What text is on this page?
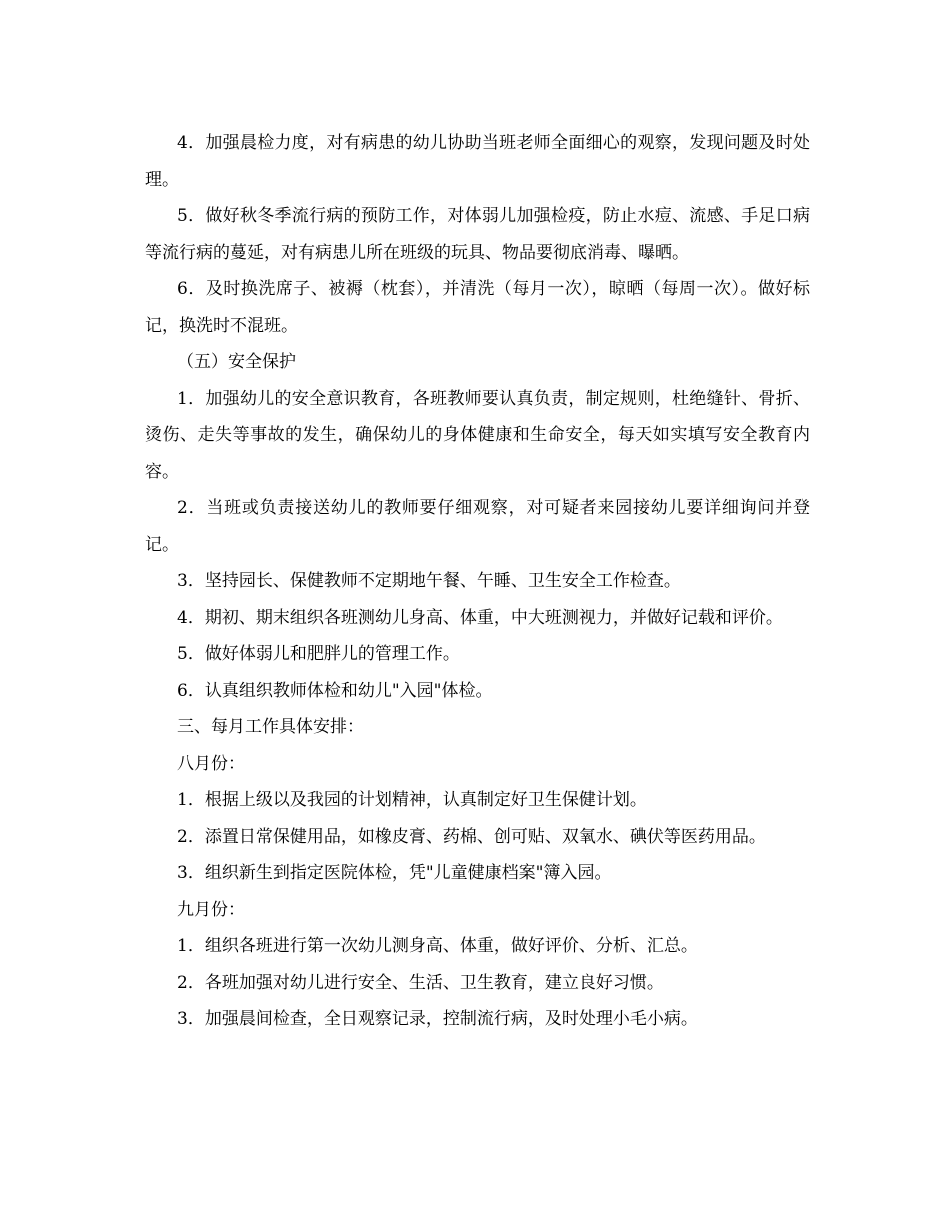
4．加强晨检力度，对有病患的幼儿协助当班老师全面细心的观察，发现问题及时处理。

5．做好秋冬季流行病的预防工作，对体弱儿加强检疫，防止水痘、流感、手足口病等流行病的蔓延，对有病患儿所在班级的玩具、物品要彻底消毒、曝晒。

6．及时换洗席子、被褥（枕套），并清洗（每月一次），晾晒（每周一次）。做好标记，换洗时不混班。

（五）安全保护

1．加强幼儿的安全意识教育，各班教师要认真负责，制定规则，杜绝缝针、骨折、烫伤、走失等事故的发生，确保幼儿的身体健康和生命安全，每天如实填写安全教育内容。

2．当班或负责接送幼儿的教师要仔细观察，对可疑者来园接幼儿要详细询问并登记。

3．坚持园长、保健教师不定期地午餐、午睡、卫生安全工作检查。

4．期初、期末组织各班测幼儿身高、体重，中大班测视力，并做好记载和评价。

5．做好体弱儿和肥胖儿的管理工作。

6．认真组织教师体检和幼儿"入园"体检。

三、每月工作具体安排：

八月份：

1．根据上级以及我园的计划精神，认真制定好卫生保健计划。

2．添置日常保健用品，如橡皮膏、药棉、创可贴、双氧水、碘伏等医药用品。

3．组织新生到指定医院体检，凭"儿童健康档案"簿入园。

九月份：

1．组织各班进行第一次幼儿测身高、体重，做好评价、分析、汇总。

2．各班加强对幼儿进行安全、生活、卫生教育，建立良好习惯。

3．加强晨间检查，全日观察记录，控制流行病，及时处理小毛小病。
